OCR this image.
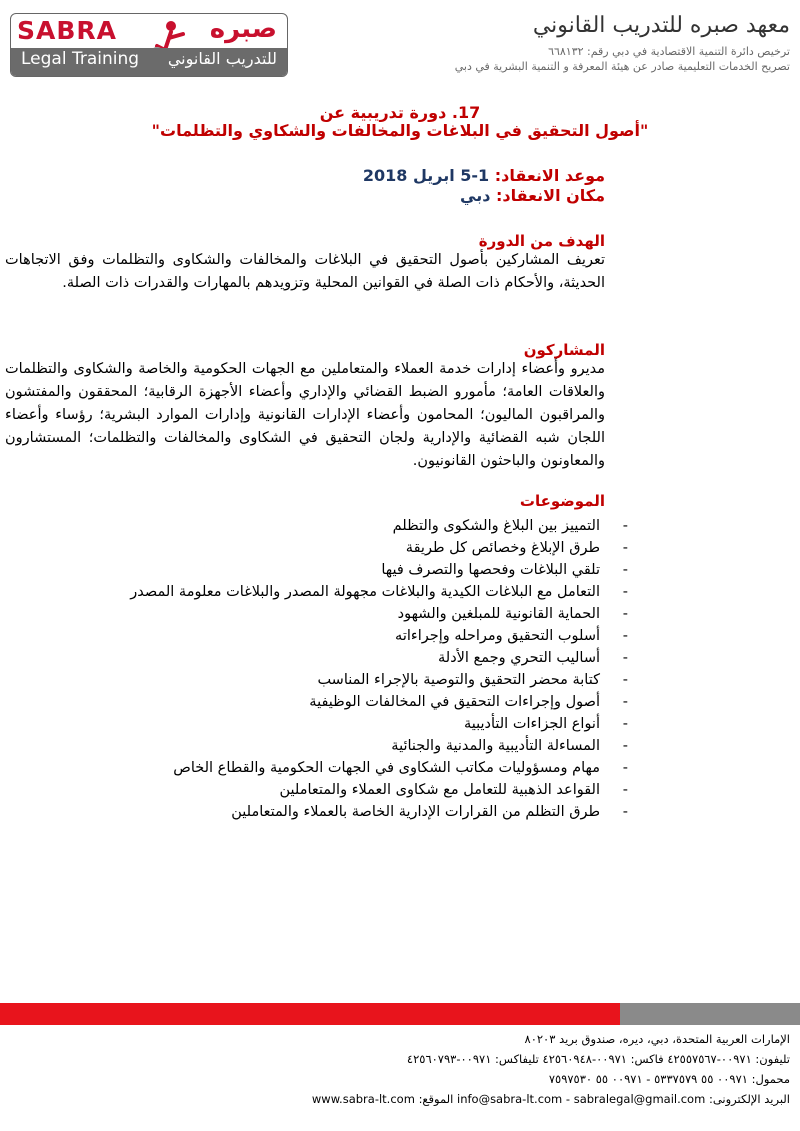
SABRA	صبره
Legal Training للتدريب القانوني
معهد صبره للتدريب القانوني
ترخيص دائرة التنمية الاقتصادية في دبي رقم: ٦٦٨١٣٢
تصريح الخدمات التعليمية صادر عن هيئة المعرفة و التنمية البشرية في دبي
17. دورة تدريبية عن
"أصول التحقيق في البلاغات والمخالفات والشكاوي والتظلمات"
موعد الانعقاد: 1-5 ابريل 2018
مكان الانعقاد: دبي
الهدف من الدورة
تعريف المشاركين بأصول التحقيق في البلاغات والمخالفات والشكاوى والتظلمات وفق الاتجاهات الحديثة، والأحكام ذات الصلة في القوانين المحلية وتزويدهم بالمهارات والقدرات ذات الصلة.
المشاركون
مديرو وأعضاء إدارات خدمة العملاء والمتعاملين مع الجهات الحكومية والخاصة والشكاوى والتظلمات والعلاقات العامة؛ مأمورو الضبط القضائي والإداري وأعضاء الأجهزة الرقابية؛ المحققون والمفتشون والمراقبون الماليون؛ المحامون وأعضاء الإدارات القانونية وإدارات الموارد البشرية؛ رؤساء وأعضاء اللجان شبه القضائية والإدارية ولجان التحقيق في الشكاوى والمخالفات والتظلمات؛ المستشارون والمعاونون والباحثون القانونيون.
الموضوعات
- التمييز بين البلاغ والشكوى والتظلم
- طرق الإبلاغ وخصائص كل طريقة
- تلقي البلاغات وفحصها والتصرف فيها
- التعامل مع البلاغات الكيدية والبلاغات مجهولة المصدر والبلاغات معلومة المصدر
- الحماية القانونية للمبلغين والشهود
- أسلوب التحقيق ومراحله وإجراءاته
- أساليب التحري وجمع الأدلة
- كتابة محضر التحقيق والتوصية بالإجراء المناسب
- أصول وإجراءات التحقيق في المخالفات الوظيفية
- أنواع الجزاءات التأديبية
- المساءلة التأديبية والمدنية والجنائية
- مهام ومسؤوليات مكاتب الشكاوى في الجهات الحكومية والقطاع الخاص
- القواعد الذهبية للتعامل مع شكاوى العملاء والمتعاملين
- طرق التظلم من القرارات الإدارية الخاصة بالعملاء والمتعاملين
الإمارات العربية المتحدة، دبي، ديره، صندوق بريد ٨٠٢٠٣
تليفون: ٠٠٩٧١-٤٢٥٥٧٥٦٧ فاكس: ٠٠٩٧١-٤٢٥٦٠٩٤٨ تليفاكس: ٠٠٩٧١-٤٢٥٦٠٧٩٣
محمول: ٠٠٩٧١ ٥٥ ٥٣٣٧٥٧٩ - ٠٠٩٧١ ٥٥ ٧٥٩٧٥٣٠
البريد الإلكترونى: info@sabra-lt.com - sabralegal@gmail.com الموقع: www.sabra-lt.com
